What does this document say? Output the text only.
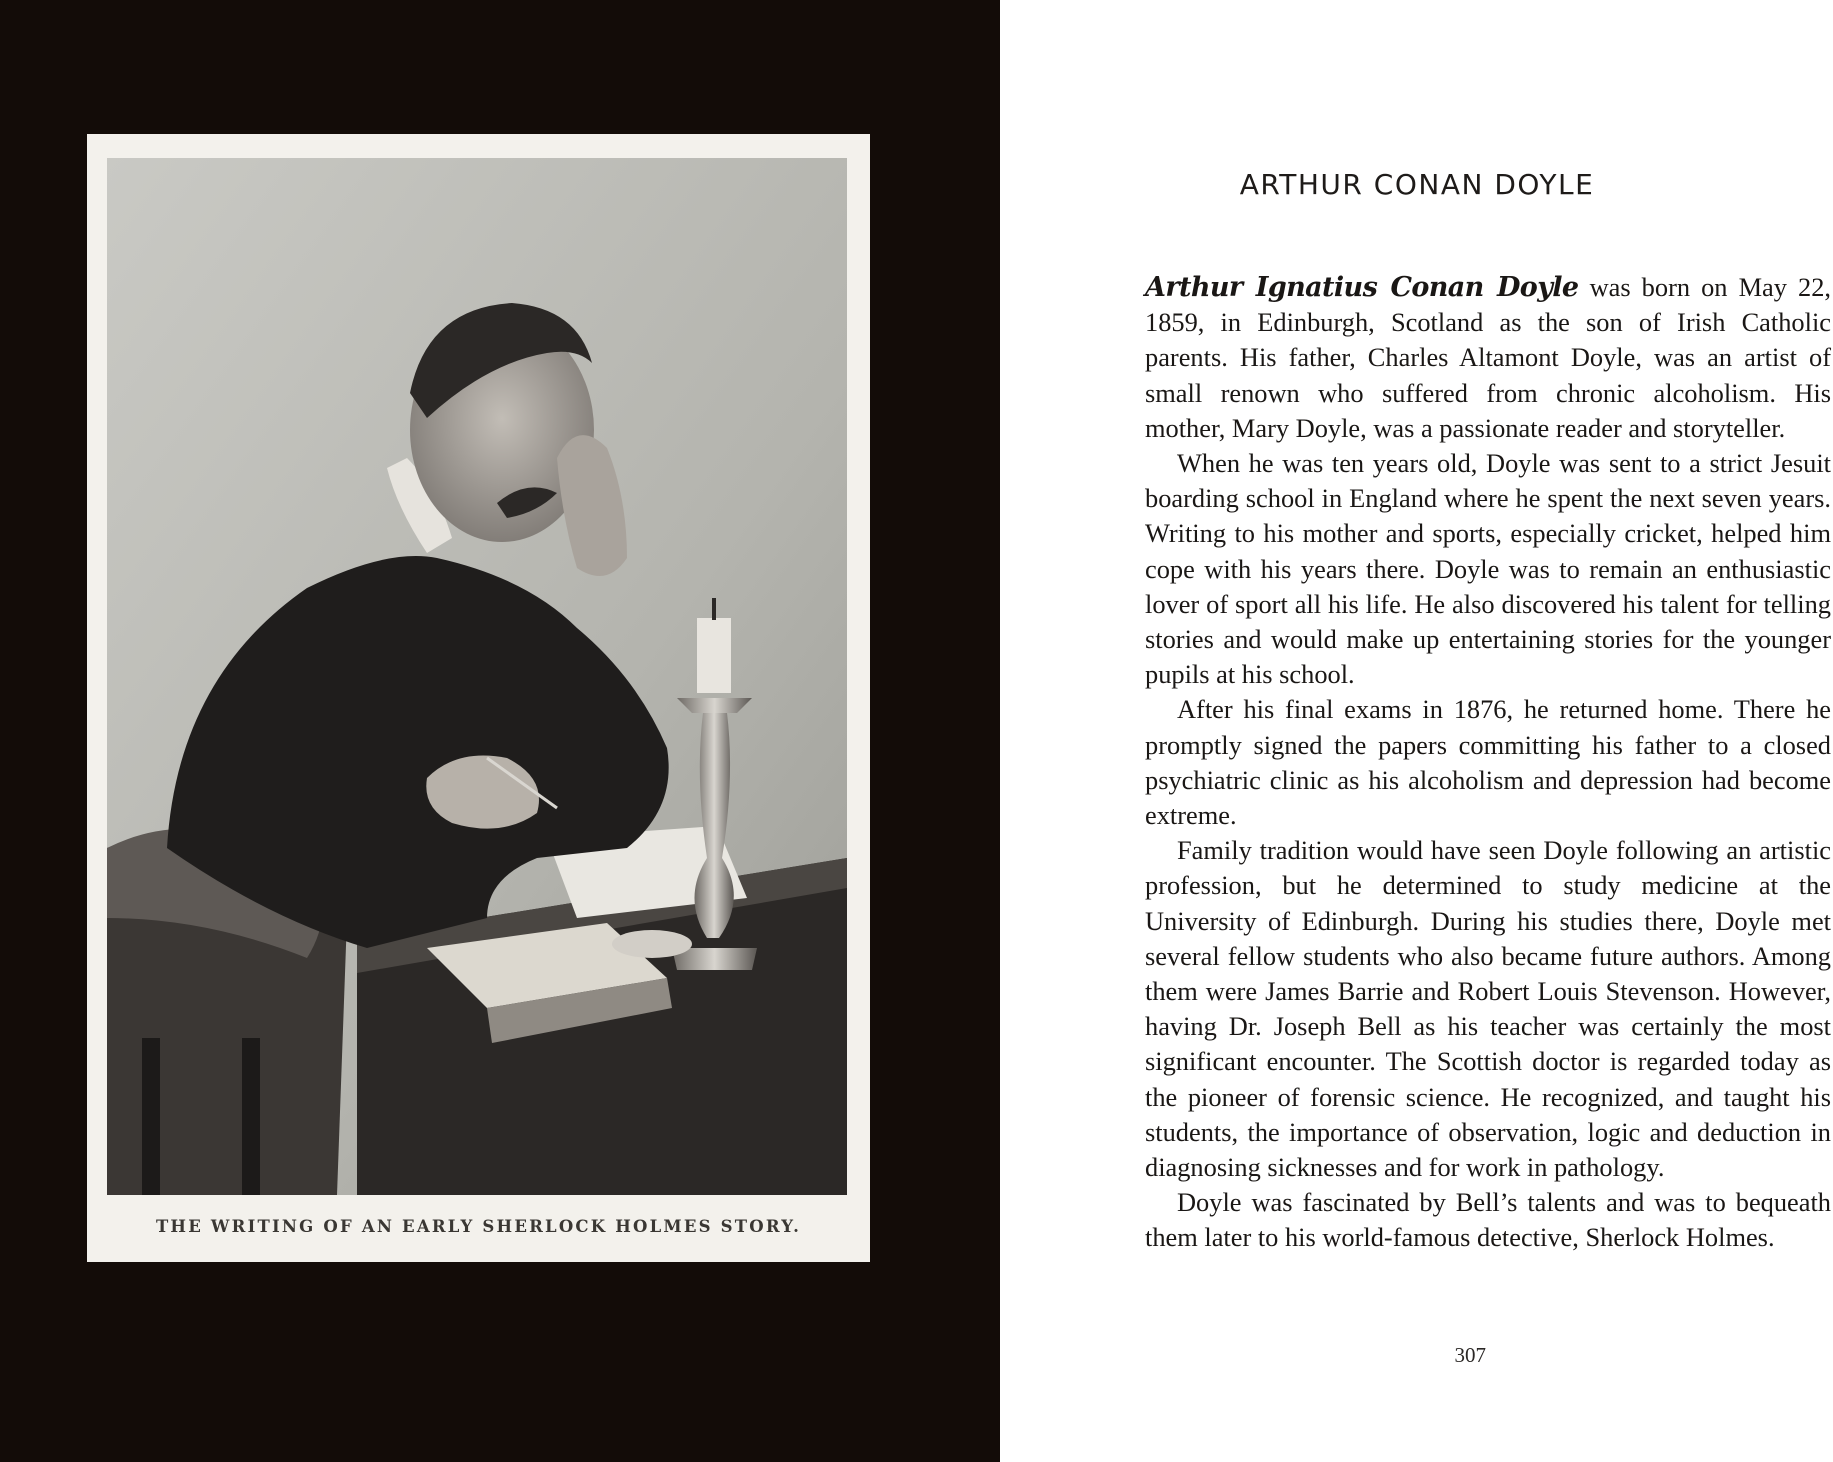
THE WRITING OF AN EARLY SHERLOCK HOLMES STORY.
ARTHUR CONAN DOYLE

Arthur Ignatius Conan Doyle was born on May 22, 1859, in Edinburgh, Scotland as the son of Irish Catholic parents. His father, Charles Altamont Doyle, was an artist of small renown who suffered from chronic alcoholism. His mother, Mary Doyle, was a passionate reader and storyteller.

When he was ten years old, Doyle was sent to a strict Jesuit boarding school in England where he spent the next seven years. Writing to his mother and sports, especially cricket, helped him cope with his years there. Doyle was to remain an enthusiastic lover of sport all his life. He also discovered his talent for telling stories and would make up entertaining stories for the younger pupils at his school.

After his final exams in 1876, he returned home. There he promptly signed the papers committing his father to a closed psychiatric clinic as his alcoholism and depression had become extreme.

Family tradition would have seen Doyle following an artistic profession, but he determined to study medicine at the University of Edinburgh. During his studies there, Doyle met several fellow students who also became future authors. Among them were James Barrie and Robert Louis Stevenson. However, having Dr. Joseph Bell as his teacher was certainly the most significant encounter. The Scottish doctor is regarded today as the pioneer of forensic science. He recognized, and taught his students, the importance of observation, logic and deduction in diagnosing sicknesses and for work in pathology.

Doyle was fascinated by Bell’s talents and was to bequeath them later to his world-famous detective, Sherlock Holmes.

307
